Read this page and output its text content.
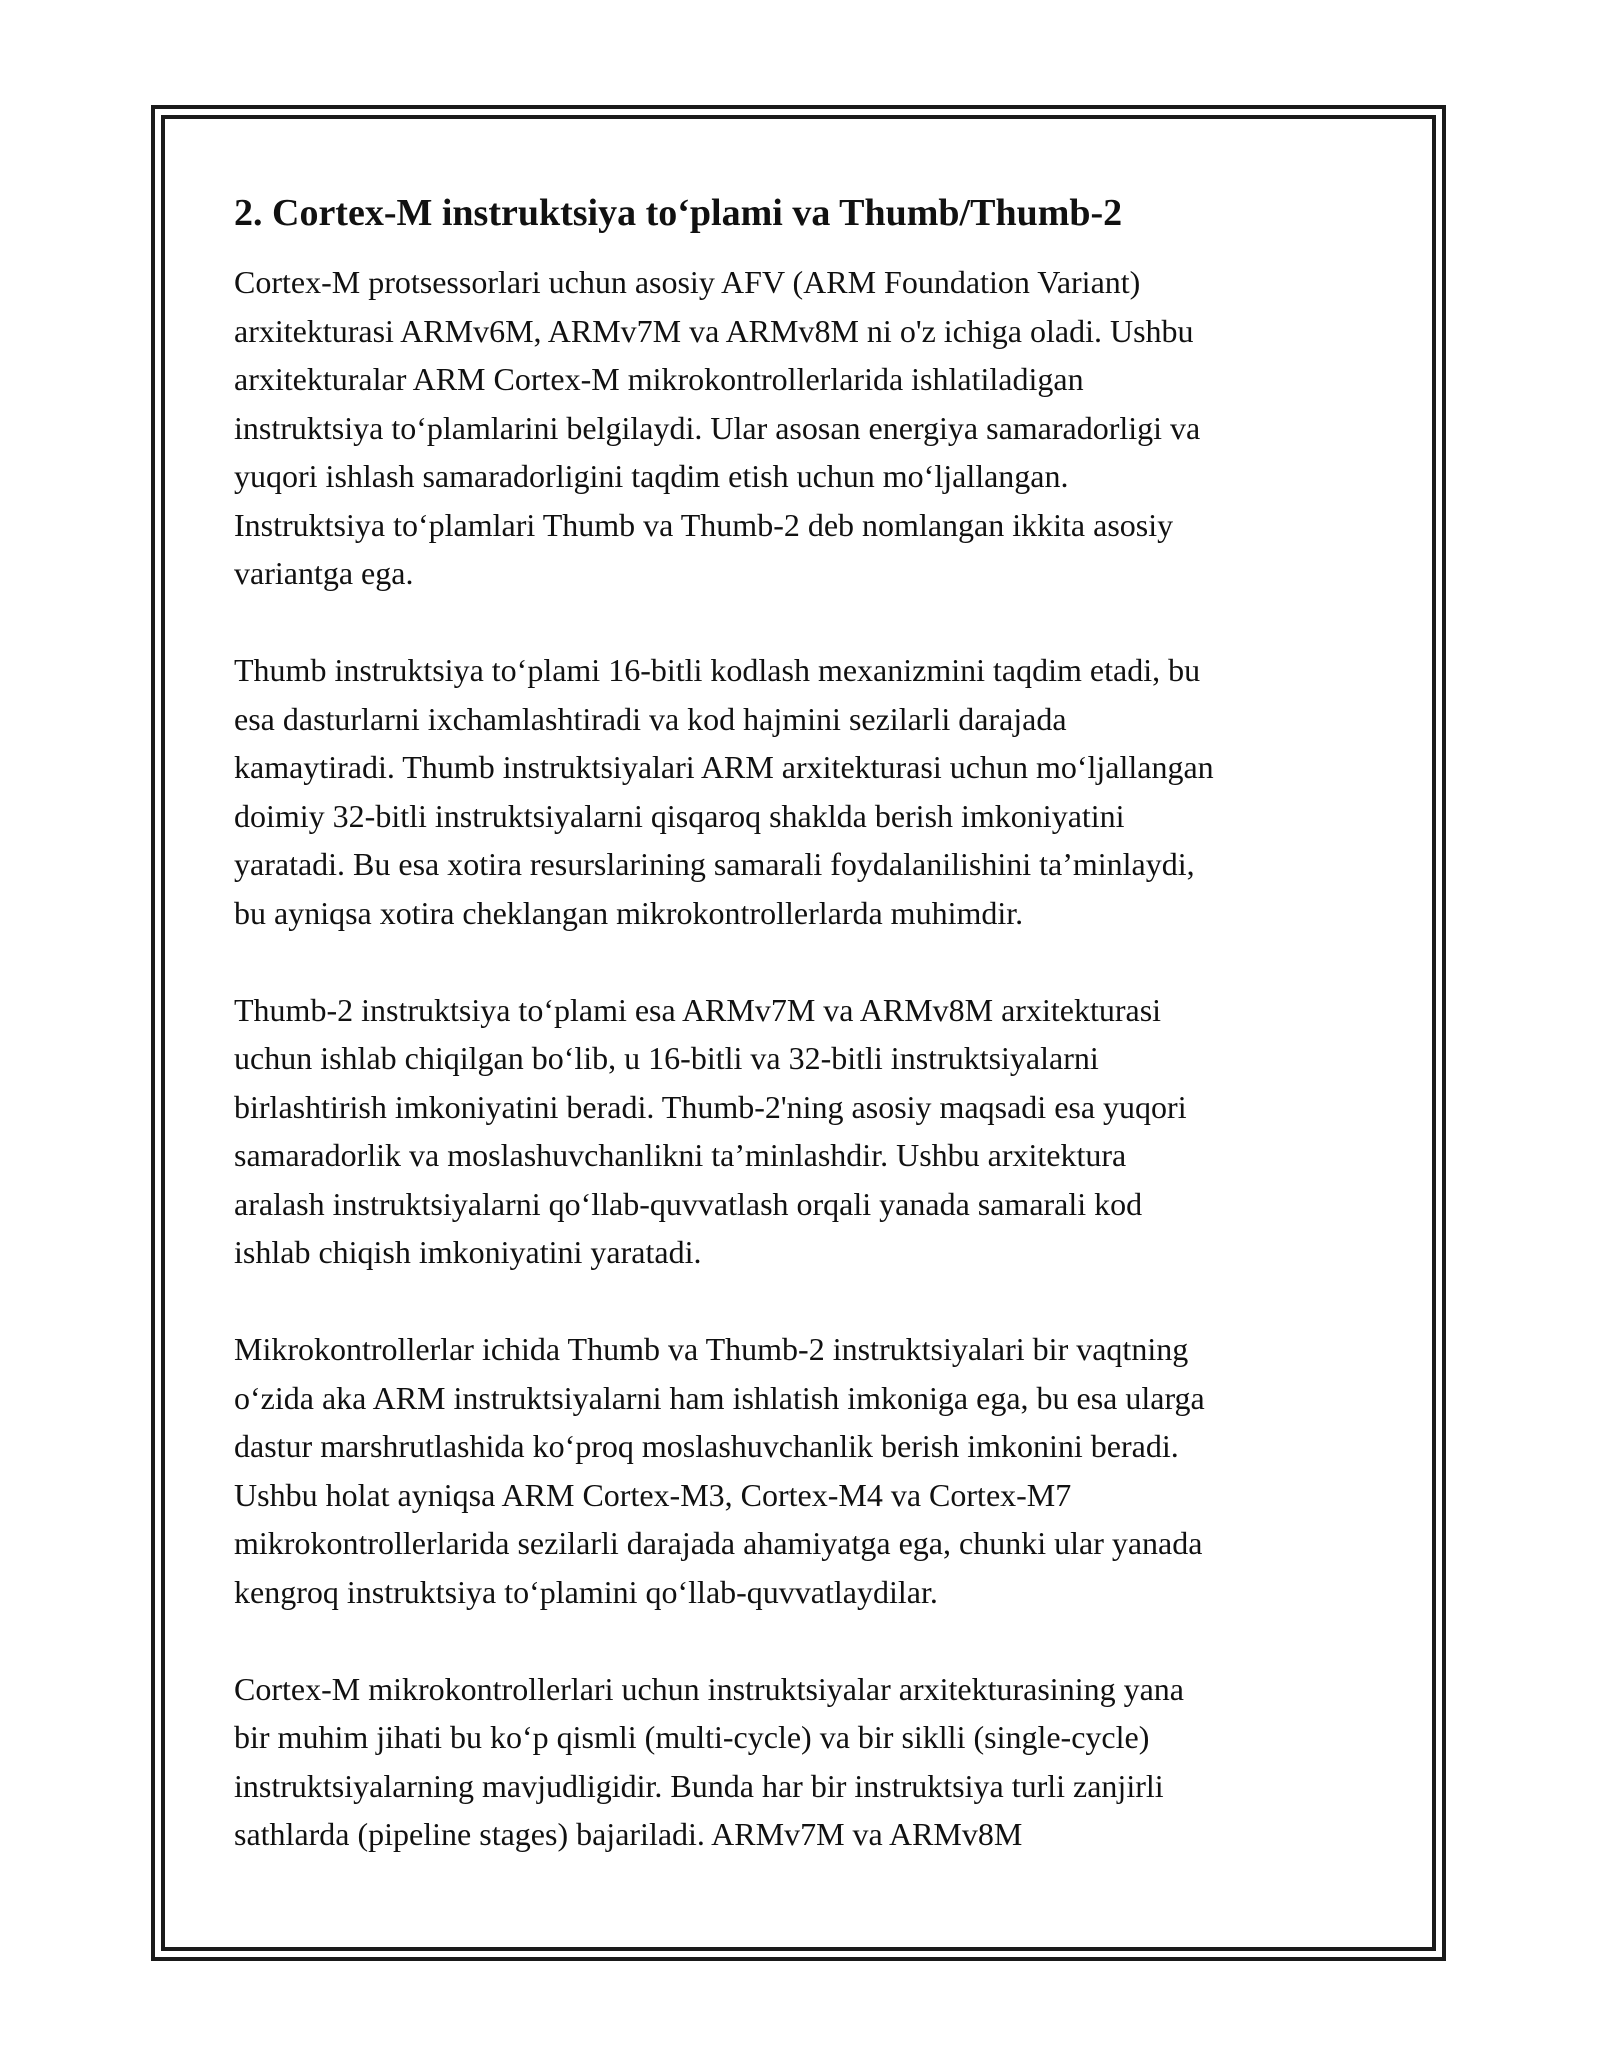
2. Cortex-M instruktsiya to‘plami va Thumb/Thumb-2

Cortex-M protsessorlari uchun asosiy AFV (ARM Foundation Variant)
arxitekturasi ARMv6M, ARMv7M va ARMv8M ni o'z ichiga oladi. Ushbu
arxitekturalar ARM Cortex-M mikrokontrollerlarida ishlatiladigan
instruktsiya to‘plamlarini belgilaydi. Ular asosan energiya samaradorligi va
yuqori ishlash samaradorligini taqdim etish uchun mo‘ljallangan.
Instruktsiya to‘plamlari Thumb va Thumb-2 deb nomlangan ikkita asosiy
variantga ega.

Thumb instruktsiya to‘plami 16-bitli kodlash mexanizmini taqdim etadi, bu
esa dasturlarni ixchamlashtiradi va kod hajmini sezilarli darajada
kamaytiradi. Thumb instruktsiyalari ARM arxitekturasi uchun mo‘ljallangan
doimiy 32-bitli instruktsiyalarni qisqaroq shaklda berish imkoniyatini
yaratadi. Bu esa xotira resurslarining samarali foydalanilishini ta’minlaydi,
bu ayniqsa xotira cheklangan mikrokontrollerlarda muhimdir.

Thumb-2 instruktsiya to‘plami esa ARMv7M va ARMv8M arxitekturasi
uchun ishlab chiqilgan bo‘lib, u 16-bitli va 32-bitli instruktsiyalarni
birlashtirish imkoniyatini beradi. Thumb-2'ning asosiy maqsadi esa yuqori
samaradorlik va moslashuvchanlikni ta’minlashdir. Ushbu arxitektura
aralash instruktsiyalarni qo‘llab-quvvatlash orqali yanada samarali kod
ishlab chiqish imkoniyatini yaratadi.

Mikrokontrollerlar ichida Thumb va Thumb-2 instruktsiyalari bir vaqtning
o‘zida aka ARM instruktsiyalarni ham ishlatish imkoniga ega, bu esa ularga
dastur marshrutlashida ko‘proq moslashuvchanlik berish imkonini beradi.
Ushbu holat ayniqsa ARM Cortex-M3, Cortex-M4 va Cortex-M7
mikrokontrollerlarida sezilarli darajada ahamiyatga ega, chunki ular yanada
kengroq instruktsiya to‘plamini qo‘llab-quvvatlaydilar.

Cortex-M mikrokontrollerlari uchun instruktsiyalar arxitekturasining yana
bir muhim jihati bu ko‘p qismli (multi-cycle) va bir siklli (single-cycle)
instruktsiyalarning mavjudligidir. Bunda har bir instruktsiya turli zanjirli
sathlarda (pipeline stages) bajariladi. ARMv7M va ARMv8M
